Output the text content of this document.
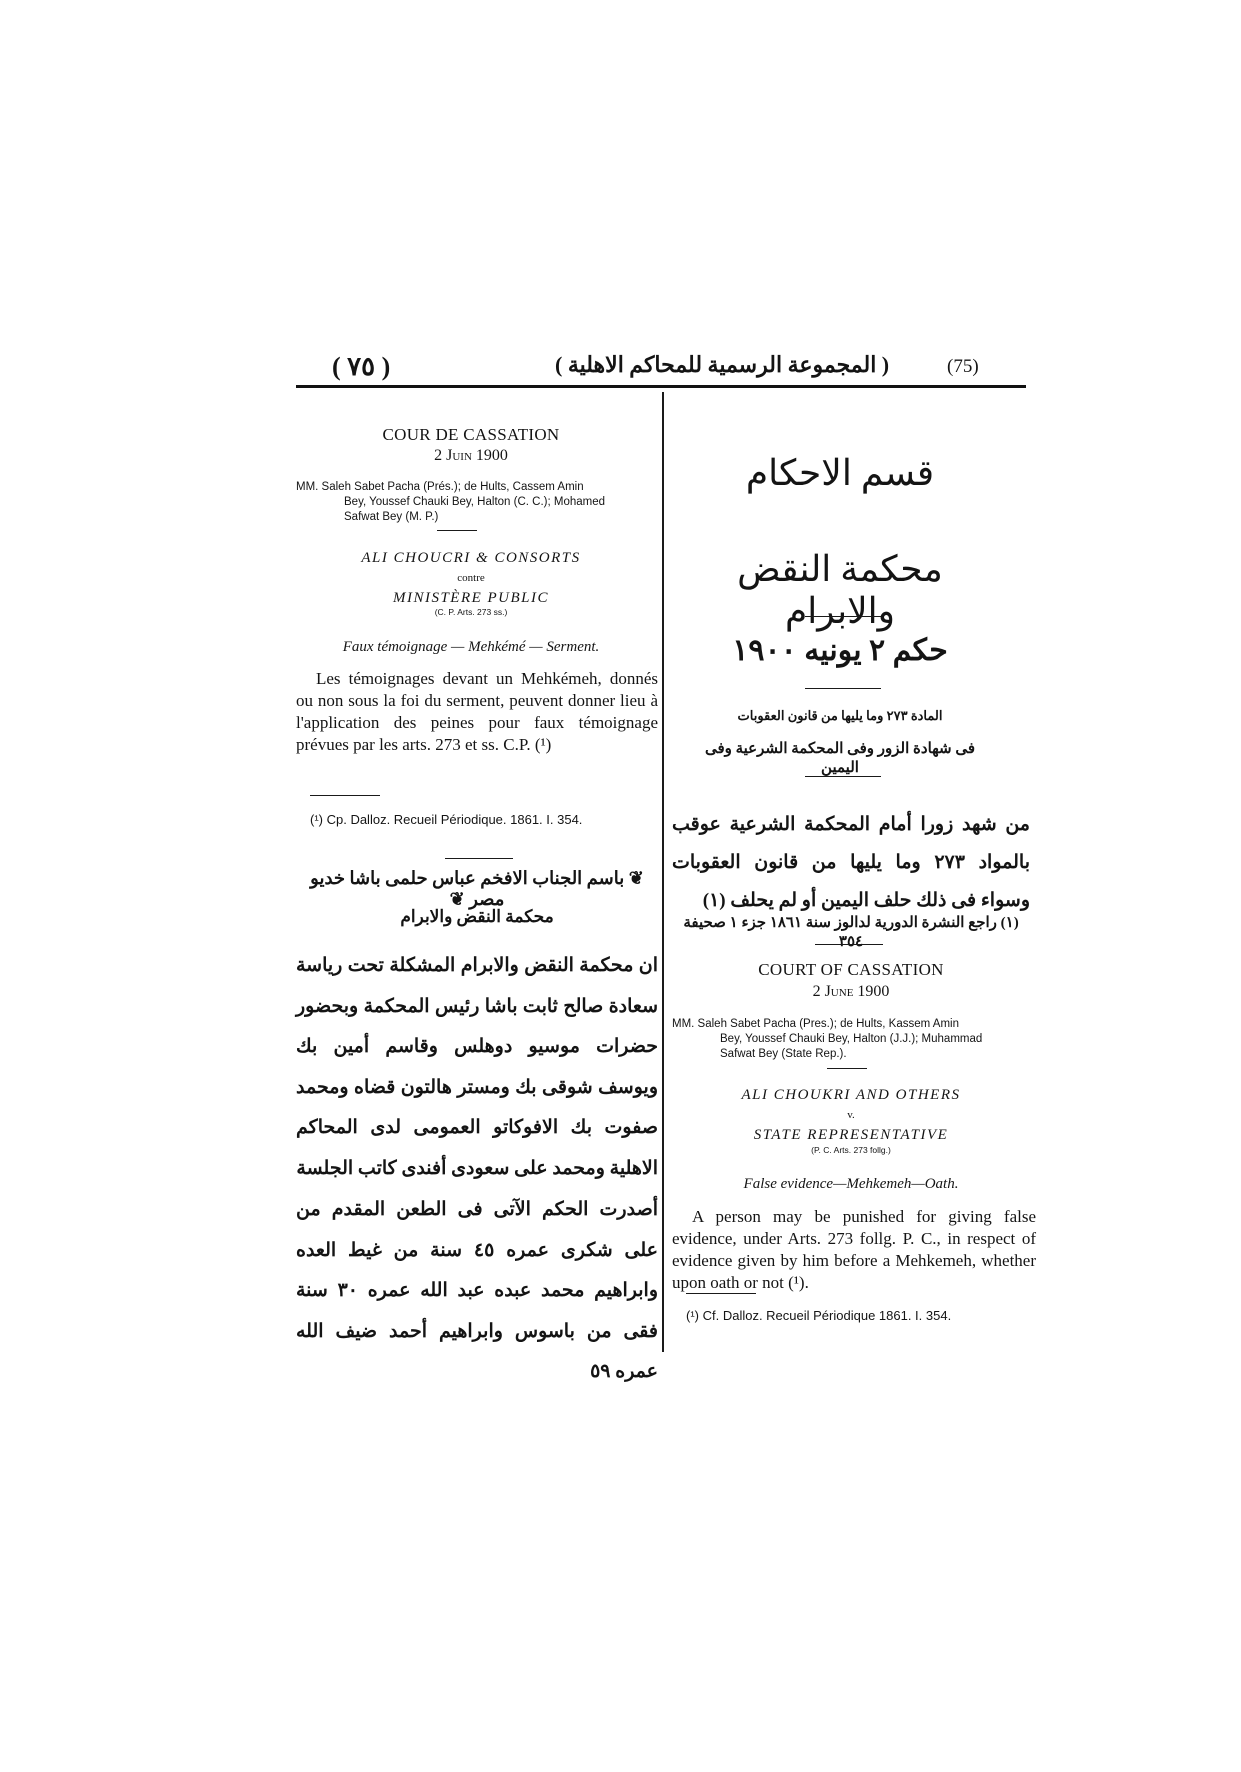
( ٧٥ )	( المجموعة الرسمية للمحاكم الاهلية )	(75)
COUR DE CASSATION
2 Juin 1900
MM. Saleh Sabet Pacha (Prés.); de Hults, Cassem Amin
Bey, Youssef Chauki Bey, Halton (C. C.); Mohamed
Safwat Bey (M. P.)
ALI CHOUCRI & CONSORTS
contre
MINISTÈRE PUBLIC
(C. P. Arts. 273 ss.)
Faux témoignage — Mehkémé — Serment.
Les témoignages devant un Mehkémeh, donnés ou non sous la foi du serment, peuvent donner lieu à l'application des peines pour faux témoignage prévues par les arts. 273 et ss. C.P. (¹)
(¹) Cp. Dalloz. Recueil Périodique. 1861. I. 354.
❦ باسم الجناب الافخم عباس حلمى باشا خديو مصر ❦
محكمة النقض والابرام
ان محكمة النقض والابرام المشكلة تحت رياسة سعادة صالح ثابت باشا رئيس المحكمة وبحضور حضرات موسيو دوهلس وقاسم أمين بك ويوسف شوقى بك ومستر هالتون قضاه ومحمد صفوت بك الافوكاتو العمومى لدى المحاكم الاهلية ومحمد على سعودى أفندى كاتب الجلسة
أصدرت الحكم الآتى فى الطعن المقدم من على شكرى عمره ٤٥ سنة من غيط العده وابراهيم محمد عبده عبد الله عمره ٣٠ سنة فقى من باسوس وابراهيم أحمد ضيف الله عمره ٥٩
قسم الاحكام
محكمة النقض والابرام
حكم ٢ يونيه ١٩٠٠
المادة ٢٧٣ وما يليها من قانون العقوبات
فى شهادة الزور وفى المحكمة الشرعية وفى اليمين
من شهد زورا أمام المحكمة الشرعية عوقب بالمواد ٢٧٣ وما يليها من قانون العقوبات وسواء فى ذلك حلف اليمين أو لم يحلف (١)
(١) راجع النشرة الدورية لدالوز سنة ١٨٦١ جزء ١ صحيفة ٣٥٤
COURT OF CASSATION
2 June 1900
MM. Saleh Sabet Pacha (Pres.); de Hults, Kassem Amin
Bey, Youssef Chauki Bey, Halton (J.J.); Muhammad
Safwat Bey (State Rep.).
ALI CHOUKRI AND OTHERS
v.
STATE REPRESENTATIVE
(P. C. Arts. 273 follg.)
False evidence—Mehkemeh—Oath.
A person may be punished for giving false evidence, under Arts. 273 follg. P. C., in respect of evidence given by him before a Mehkemeh, whether upon oath or not (¹).
(¹) Cf. Dalloz. Recueil Périodique 1861. I. 354.
